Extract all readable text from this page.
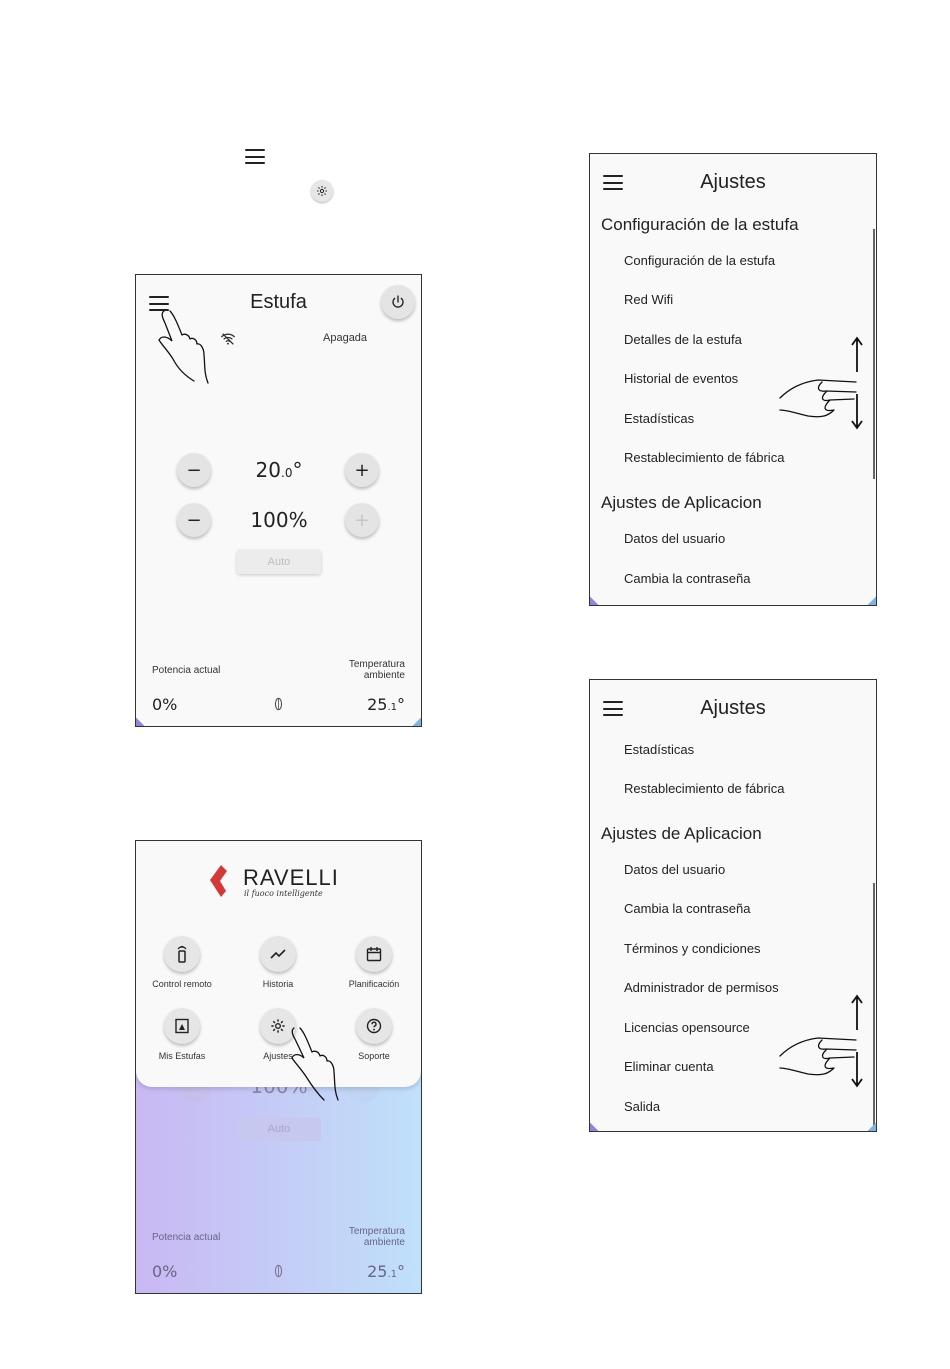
Estufa
Apagada
−	20.0°	+
−	100%	+
Auto
Potencia actual
Temperatura
ambiente
0%	25.1°
Auto
Potencia actual
Temperatura
ambiente
0%	25.1°
RAVELLI
il fuoco intelligente
Control remoto	Historia	Planificación
Mis Estufas	Ajustes	Soporte
Ajustes
Configuración de la estufa
Configuración de la estufa
Red Wifi
Detalles de la estufa
Historial de eventos
Estadísticas
Restablecimiento de fábrica
Ajustes de Aplicacion
Datos del usuario
Cambia la contraseña
Ajustes
Estadísticas
Restablecimiento de fábrica
Ajustes de Aplicacion
Datos del usuario
Cambia la contraseña
Términos y condiciones
Administrador de permisos
Licencias opensource
Eliminar cuenta
Salida
